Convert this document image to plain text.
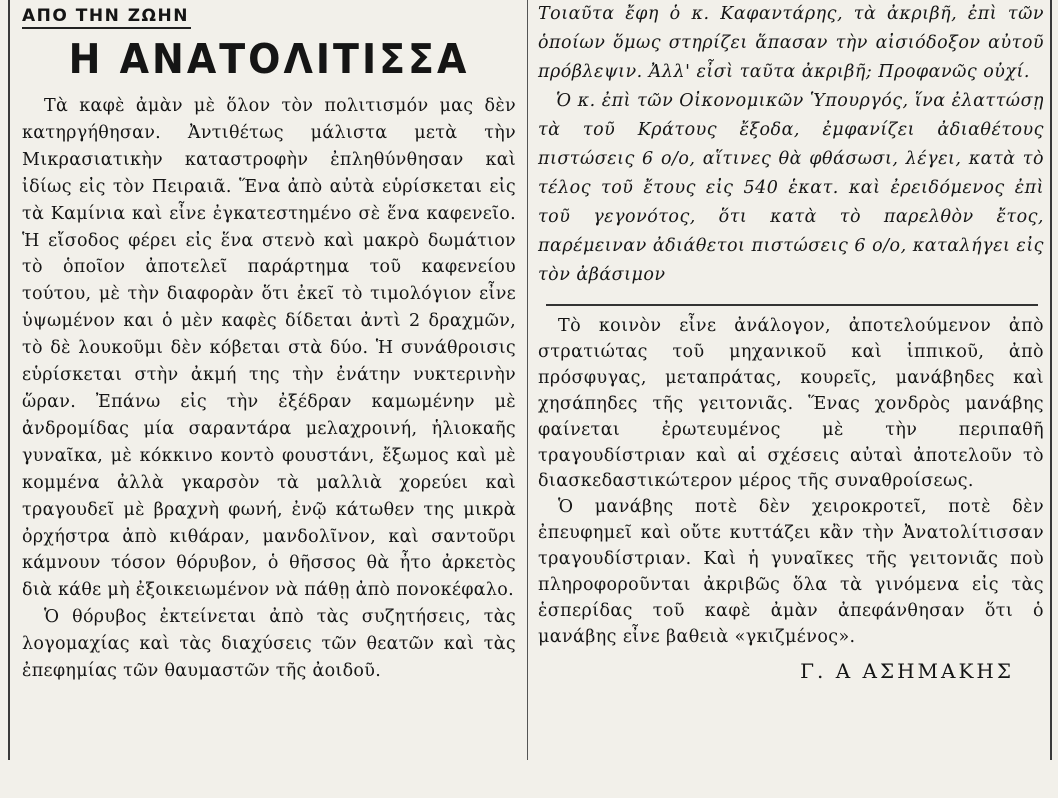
ΑΠΟ ΤΗΝ ΖΩΗΝ
Η ΑΝΑΤΟΛΙΤΙΣΣΑ

Τὰ καφὲ ἀμὰν μὲ ὅλον τὸν πολιτισμόν μας δὲν κατηργήθησαν. Ἀντιθέτως μάλιστα μετὰ τὴν Μικρασιατικὴν καταστροφὴν ἐπληθύνθησαν καὶ ἰδίως εἰς τὸν Πειραιᾶ. Ἕνα ἀπὸ αὐτὰ εὑρίσκεται εἰς τὰ Καμίνια καὶ εἶνε ἐγκατεστημένο σὲ ἕνα καφενεῖο. Ἡ εἴσοδος φέρει εἰς ἕνα στενὸ καὶ μακρὸ δωμάτιον τὸ ὁποῖον ἀποτελεῖ παράρτημα τοῦ καφενείου τούτου, μὲ τὴν διαφορὰν ὅτι ἐκεῖ τὸ τιμολόγιον εἶνε ὑψωμένον και ὁ μὲν καφὲς δίδεται ἀντὶ 2 δραχμῶν, τὸ δὲ λουκοῦμι δὲν κόβεται στὰ δύο. Ἡ συνάθροισις εὑρίσκεται στὴν ἀκμή της τὴν ἐνάτην νυκτερινὴν ὥραν. Ἐπάνω εἰς τὴν ἐξέδραν καμωμένην μὲ ἀνδρομίδας μία σαραντάρα μελαχροινή, ἡλιοκαῆς γυναῖκα, μὲ κόκκινο κοντὸ φουστάνι, ἔξωμος καὶ μὲ κομμένα ἀλλὰ γκαρσὸν τὰ μαλλιὰ χορεύει καὶ τραγουδεῖ μὲ βραχνὴ φωνή, ἐνῷ κάτωθεν της μικρὰ ὀρχήστρα ἀπὸ κιθάραν, μανδολῖνον, καὶ σαντοῦρι κάμνουν τόσον θόρυβον, ὁ θῆσσος θὰ ἦτο ἀρκετὸς διὰ κάθε μὴ ἐξοικειωμένον νὰ πάθῃ ἀπὸ πονοκέφαλο.

Ὁ θόρυβος ἐκτείνεται ἀπὸ τὰς συζητήσεις, τὰς λογομαχίας καὶ τὰς διαχύσεις τῶν θεατῶν καὶ τὰς ἐπεφημίας τῶν θαυμαστῶν τῆς ἀοιδοῦ.

Τοιαῦτα ἔφη ὁ κ. Καφαντάρης, τὰ ἀκριβῆ, ἐπὶ τῶν ὁποίων ὅμως στηρίζει ἅπασαν τὴν αἰσιόδοξον αὐτοῦ πρόβλεψιν. Ἀλλ' εἶσὶ ταῦτα ἀκριβῆ; Προφανῶς οὐχί.

Ὁ κ. ἐπὶ τῶν Οἰκονομικῶν Ὑπουργός, ἵνα ἐλαττώσῃ τὰ τοῦ Κράτους ἔξοδα, ἐμφανίζει ἀδιαθέτους πιστώσεις 6 ο/ο, αἵτινες θὰ φθάσωσι, λέγει, κατὰ τὸ τέλος τοῦ ἔτους εἰς 540 ἑκατ. καὶ ἐρειδόμενος ἐπὶ τοῦ γεγονότος, ὅτι κατὰ τὸ παρελθὸν ἔτος, παρέμειναν ἀδιάθετοι πιστώσεις 6 ο/ο, καταλήγει εἰς τὸν ἀβάσιμον

Τὸ κοινὸν εἶνε ἀνάλογον, ἀποτελούμενον ἀπὸ στρατιώτας τοῦ μηχανικοῦ καὶ ἱππικοῦ, ἀπὸ πρόσφυγας, μεταπράτας, κουρεῖς, μανάβηδες καὶ χησάπηδες τῆς γειτονιᾶς. Ἕνας χονδρὸς μανάβης φαίνεται ἐρωτευμένος μὲ τὴν περιπαθῆ τραγουδίστριαν καὶ αἱ σχέσεις αὐταὶ ἀποτελοῦν τὸ διασκεδαστικώτερον μέρος τῆς συναθροίσεως.

Ὁ μανάβης ποτὲ δὲν χειροκροτεῖ, ποτὲ δὲν ἐπευφημεῖ καὶ οὔτε κυττάζει κἂν τὴν Ἀνατολίτισσαν τραγουδίστριαν. Καὶ ἡ γυναῖκες τῆς γειτονιᾶς ποὺ πληροφοροῦνται ἀκριβῶς ὅλα τὰ γινόμενα εἰς τὰς ἑσπερίδας τοῦ καφὲ ἀμὰν ἀπεφάνθησαν ὅτι ὁ μανάβης εἶνε βαθειὰ «γκιζμένος».

Γ. Α ΑΣΗΜΑΚΗΣ
